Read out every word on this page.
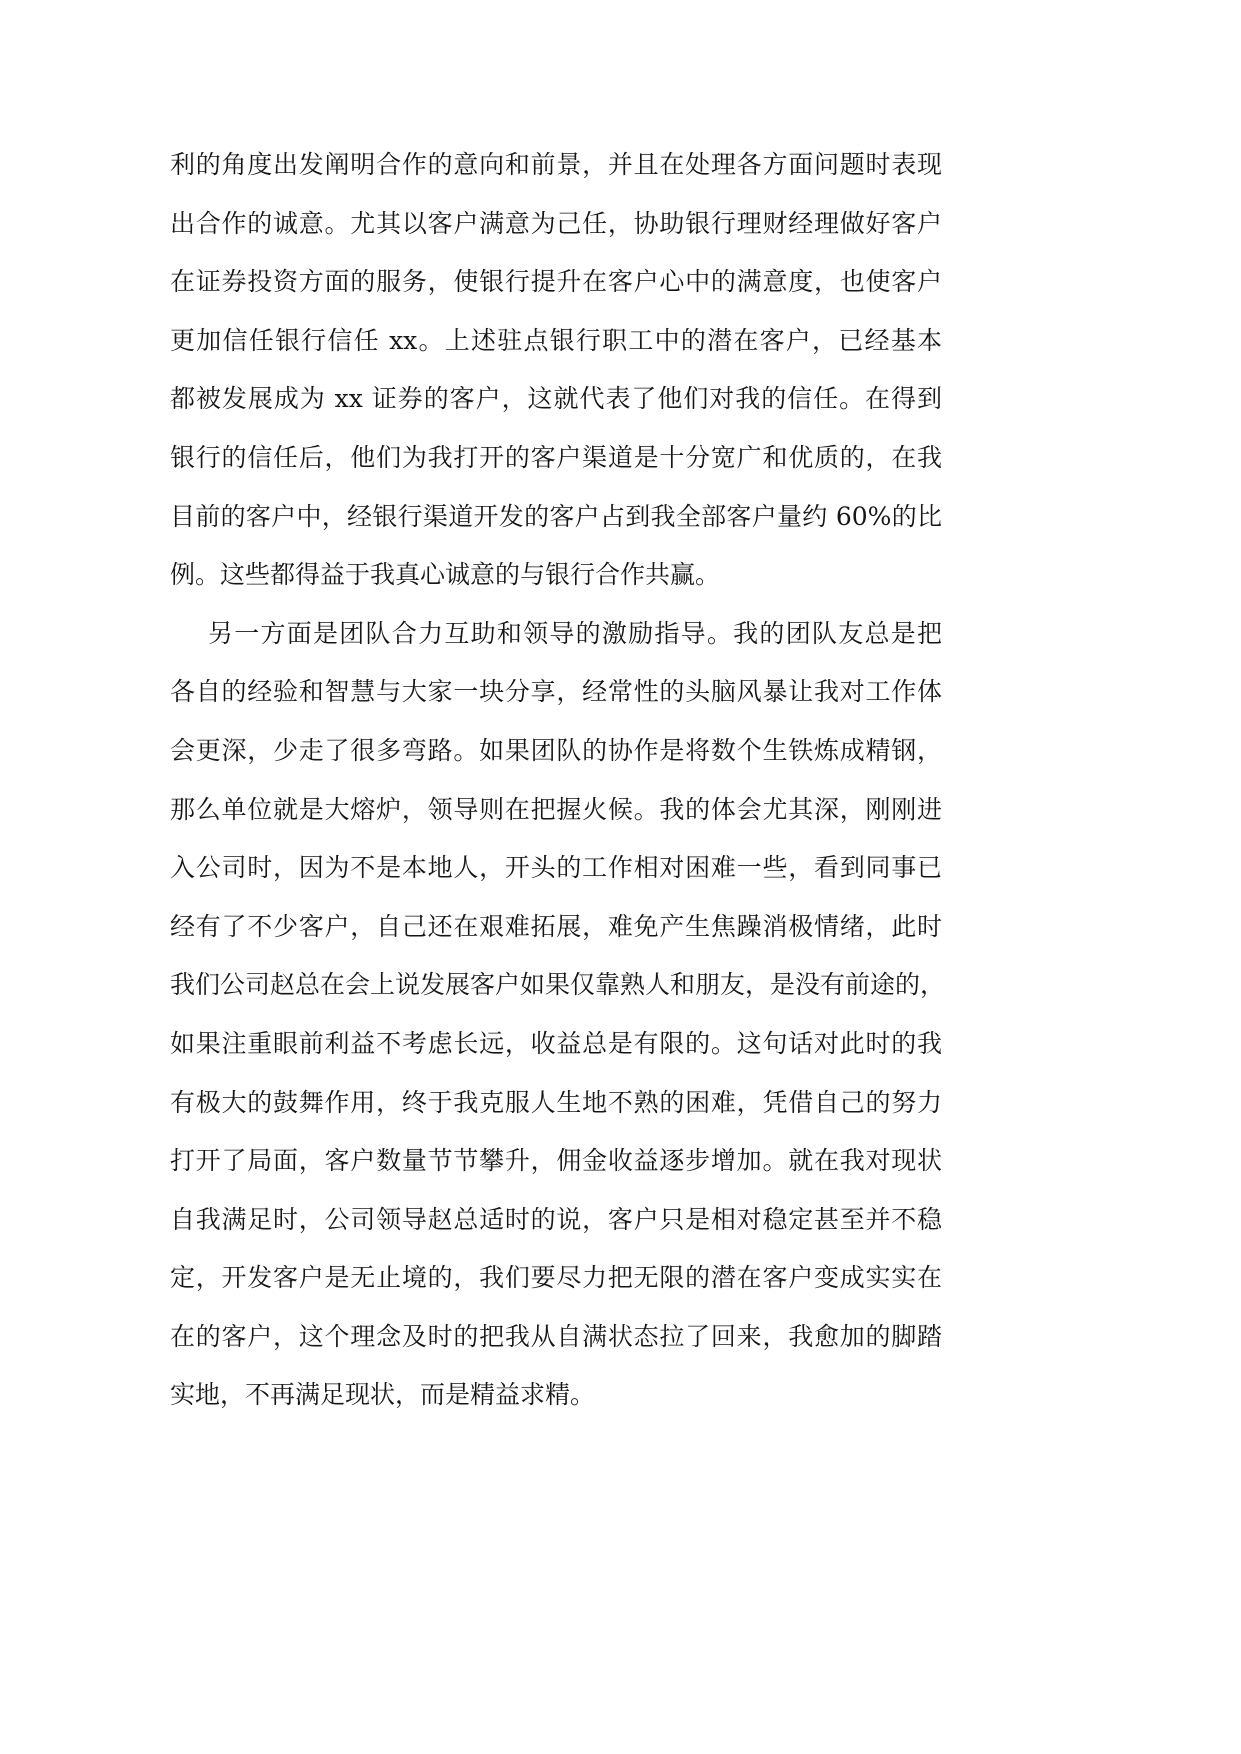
利的角度出发阐明合作的意向和前景，并且在处理各方面问题时表现
出合作的诚意。尤其以客户满意为己任，协助银行理财经理做好客户
在证券投资方面的服务，使银行提升在客户心中的满意度，也使客户
更加信任银行信任 xx。上述驻点银行职工中的潜在客户，已经基本
都被发展成为 xx 证券的客户，这就代表了他们对我的信任。在得到
银行的信任后，他们为我打开的客户渠道是十分宽广和优质的，在我
目前的客户中，经银行渠道开发的客户占到我全部客户量约 60%的比
例。这些都得益于我真心诚意的与银行合作共赢。
另一方面是团队合力互助和领导的激励指导。我的团队友总是把
各自的经验和智慧与大家一块分享，经常性的头脑风暴让我对工作体
会更深，少走了很多弯路。如果团队的协作是将数个生铁炼成精钢，
那么单位就是大熔炉，领导则在把握火候。我的体会尤其深，刚刚进
入公司时，因为不是本地人，开头的工作相对困难一些，看到同事已
经有了不少客户，自己还在艰难拓展，难免产生焦躁消极情绪，此时
我们公司赵总在会上说发展客户如果仅靠熟人和朋友，是没有前途的，
如果注重眼前利益不考虑长远，收益总是有限的。这句话对此时的我
有极大的鼓舞作用，终于我克服人生地不熟的困难，凭借自己的努力
打开了局面，客户数量节节攀升，佣金收益逐步增加。就在我对现状
自我满足时，公司领导赵总适时的说，客户只是相对稳定甚至并不稳
定，开发客户是无止境的，我们要尽力把无限的潜在客户变成实实在
在的客户，这个理念及时的把我从自满状态拉了回来，我愈加的脚踏
实地，不再满足现状，而是精益求精。
